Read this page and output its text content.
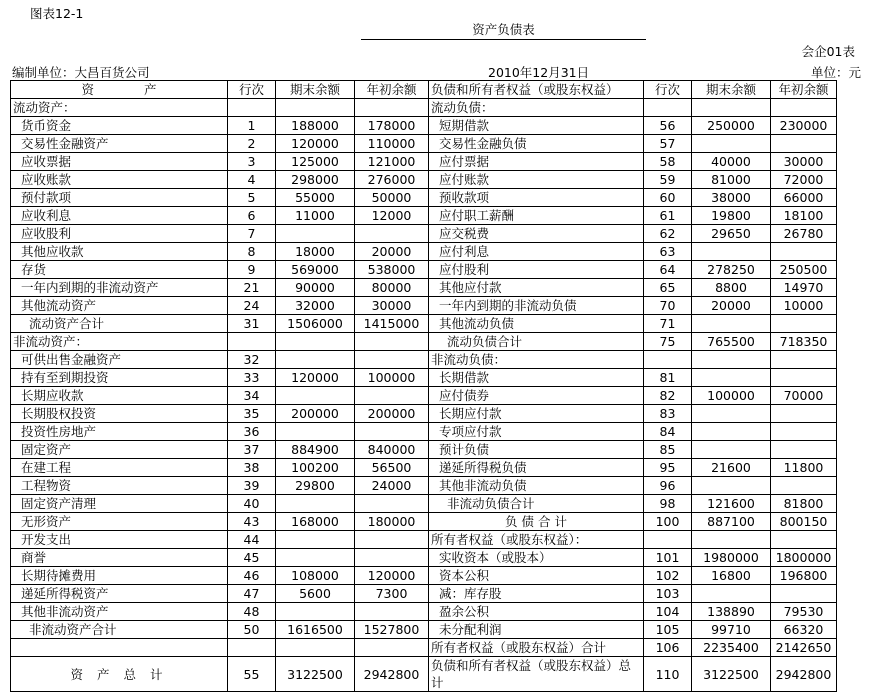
图表12-1
资产负债表
会企01表
编制单位：大昌百货公司	2010年12月31日	单位：元
资　　　　产	行次	期末余额	年初余额	负债和所有者权益（或股东权益）	行次	期末余额	年初余额
流动资产：				流动负债：			
货币资金	1	188000	178000	短期借款	56	250000	230000
交易性金融资产	2	120000	110000	交易性金融负债	57		
应收票据	3	125000	121000	应付票据	58	40000	30000
应收账款	4	298000	276000	应付账款	59	81000	72000
预付款项	5	55000	50000	预收款项	60	38000	66000
应收利息	6	11000	12000	应付职工薪酬	61	19800	18100
应收股利	7			应交税费	62	29650	26780
其他应收款	8	18000	20000	应付利息	63		
存货	9	569000	538000	应付股利	64	278250	250500
一年内到期的非流动资产	21	90000	80000	其他应付款	65	8800	14970
其他流动资产	24	32000	30000	一年内到期的非流动负债	70	20000	10000
流动资产合计	31	1506000	1415000	其他流动负债	71		
非流动资产：				流动负债合计	75	765500	718350
可供出售金融资产	32			非流动负债：			
持有至到期投资	33	120000	100000	长期借款	81		
长期应收款	34			应付债券	82	100000	70000
长期股权投资	35	200000	200000	长期应付款	83		
投资性房地产	36			专项应付款	84		
固定资产	37	884900	840000	预计负债	85		
在建工程	38	100200	56500	递延所得税负债	95	21600	11800
工程物资	39	29800	24000	其他非流动负债	96		
固定资产清理	40			非流动负债合计	98	121600	81800
无形资产	43	168000	180000	负 债 合 计	100	887100	800150
开发支出	44			所有者权益（或股东权益）：			
商誉	45			实收资本（或股本）	101	1980000	1800000
长期待摊费用	46	108000	120000	资本公积	102	16800	196800
递延所得税资产	47	5600	7300	减：库存股	103		
其他非流动资产	48			盈余公积	104	138890	79530
非流动资产合计	50	1616500	1527800	未分配利润	105	99710	66320
				所有者权益（或股东权益）合计	106	2235400	2142650
资 产 总 计	55	3122500	2942800	负债和所有者权益（或股东权益）总计	110	3122500	2942800
